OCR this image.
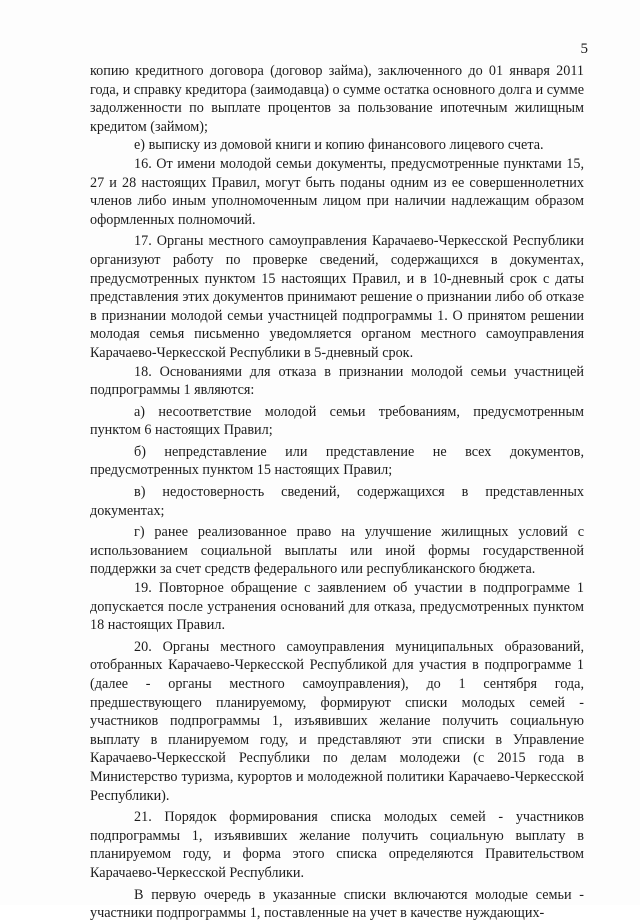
5

копию кредитного договора (договор займа), заключенного до 01 января 2011 года, и справку кредитора (заимодавца) о сумме остатка основного долга и сумме задолженности по выплате процентов за пользование ипотечным жилищным кредитом (займом);

е) выписку из домовой книги и копию финансового лицевого счета.

16. От имени молодой семьи документы, предусмотренные пунктами 15, 27 и 28 настоящих Правил, могут быть поданы одним из ее совершеннолетних членов либо иным уполномоченным лицом при наличии надлежащим образом оформленных полномочий.

17. Органы местного самоуправления Карачаево-Черкесской Республики организуют работу по проверке сведений, содержащихся в документах, предусмотренных пунктом 15 настоящих Правил, и в 10-дневный срок с даты представления этих документов принимают решение о признании либо об отказе в признании молодой семьи участницей подпрограммы 1. О принятом решении молодая семья письменно уведомляется органом местного самоуправления Карачаево-Черкесской Республики в 5-дневный срок.

18. Основаниями для отказа в признании молодой семьи участницей подпрограммы 1 являются:

а) несоответствие молодой семьи требованиям, предусмотренным пунктом 6 настоящих Правил;

б) непредставление или представление не всех документов, предусмотренных пунктом 15 настоящих Правил;

в) недостоверность сведений, содержащихся в представленных документах;

г) ранее реализованное право на улучшение жилищных условий с использованием социальной выплаты или иной формы государственной поддержки за счет средств федерального или республиканского бюджета.

19. Повторное обращение с заявлением об участии в подпрограмме 1 допускается после устранения оснований для отказа, предусмотренных пунктом 18 настоящих Правил.

20. Органы местного самоуправления муниципальных образований, отобранных Карачаево-Черкесской Республикой для участия в подпрограмме 1 (далее - органы местного самоуправления), до 1 сентября года, предшествующего планируемому, формируют списки молодых семей - участников подпрограммы 1, изъявивших желание получить социальную выплату в планируемом году, и представляют эти списки в Управление Карачаево-Черкесской Республики по делам молодежи (с 2015 года в Министерство туризма, курортов и молодежной политики Карачаево-Черкесской Республики).

21. Порядок формирования списка молодых семей - участников подпрограммы 1, изъявивших желание получить социальную выплату в планируемом году, и форма этого списка определяются Правительством Карачаево-Черкесской Республики.

В первую очередь в указанные списки включаются молодые семьи - участники подпрограммы 1, поставленные на учет в качестве нуждающих-
